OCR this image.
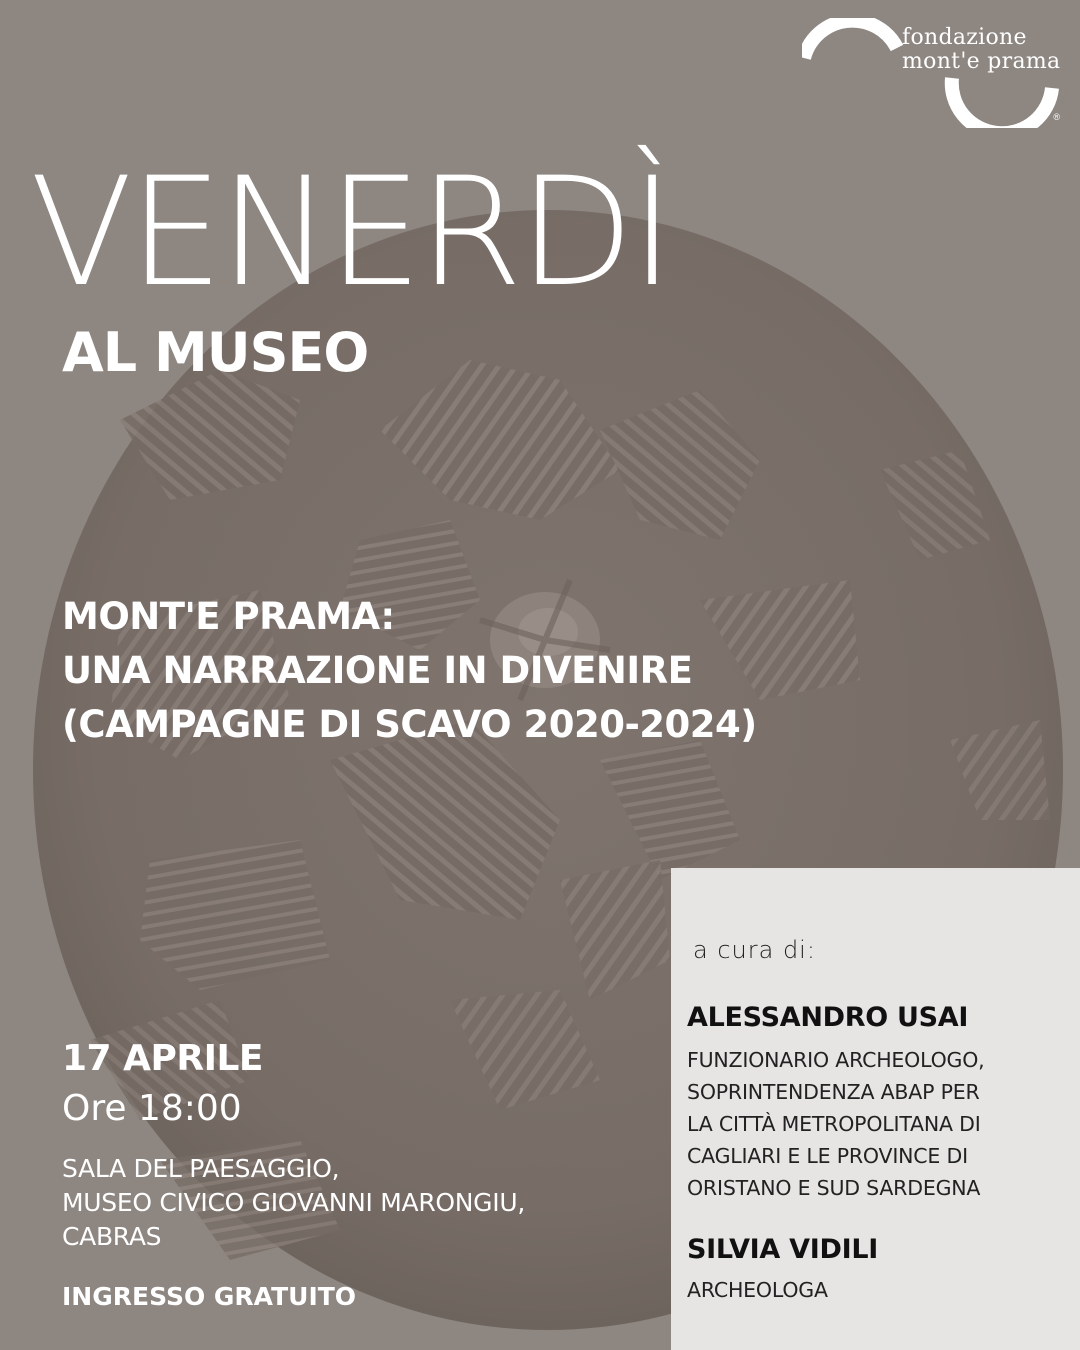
fondazione
mont'e prama
®
VENERDÌ
AL MUSEO
MONT'E PRAMA:
UNA NARRAZIONE IN DIVENIRE
(CAMPAGNE DI SCAVO 2020-2024)
17 APRILE
Ore 18:00
SALA DEL PAESAGGIO,
MUSEO CIVICO GIOVANNI MARONGIU,
CABRAS
INGRESSO GRATUITO
a cura di:
ALESSANDRO USAI
FUNZIONARIO ARCHEOLOGO,
SOPRINTENDENZA ABAP PER
LA CITTÀ METROPOLITANA DI
CAGLIARI E LE PROVINCE DI
ORISTANO E SUD SARDEGNA
SILVIA VIDILI
ARCHEOLOGA
